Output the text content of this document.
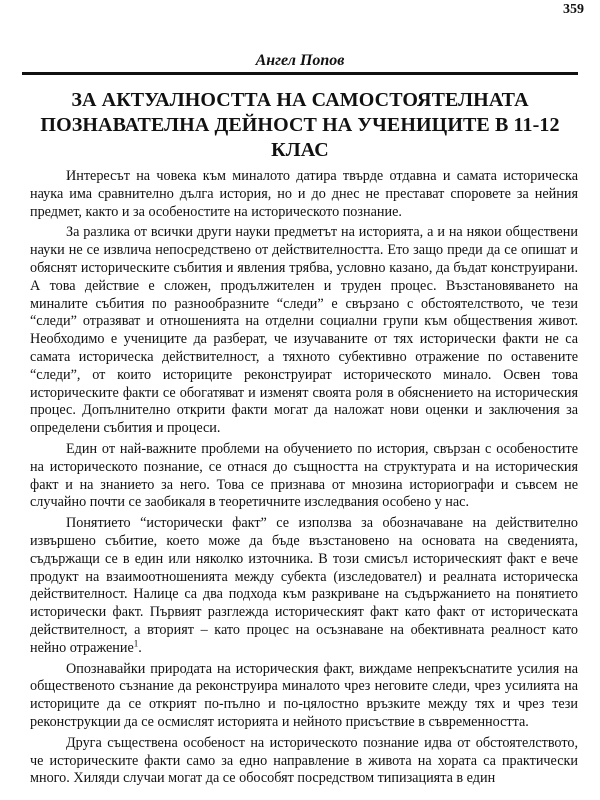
359
Ангел Попов
ЗА АКТУАЛНОСТТА НА САМОСТОЯТЕЛНАТА
ПОЗНАВАТЕЛНА ДЕЙНОСТ НА УЧЕНИЦИТЕ В 11-12 КЛАС

Интересът на човека към миналото датира твърде отдавна и самата историческа наука има сравнително дълга история, но и до днес не престават споровете за нейния предмет, както и за особеностите на историческото познание.

За разлика от всички други науки предметът на историята, а и на някои обществени науки не се извлича непосредствено от действителността. Ето защо преди да се опишат и обяснят историческите събития и явления трябва, условно казано, да бъдат конструирани. А това действие е сложен, продължителен и труден процес. Възстановяването на миналите събития по разнообразните “следи” е свързано с обстоятелството, че тези “следи” отразяват и отношенията на отделни социални групи към обществения живот. Необходимо е учениците да разберат, че изучаваните от тях исторически факти не са самата историческа действителност, а тяхното субективно отражение по оставените “следи”, от които историците реконструират историческото минало. Освен това историческите факти се обогатяват и изменят своята роля в обяснението на историческия процес. Допълнително открити факти могат да наложат нови оценки и заключения за определени събития и процеси.

Един от най-важните проблеми на обучението по история, свързан с особеностите на историческото познание, се отнася до същността на структурата и на историческия факт и на знанието за него. Това се признава от мнозина историографи и съвсем не случайно почти се заобикаля в теоретичните изследвания особено у нас.

Понятието “исторически факт” се използва за обозначаване на действително извършено събитие, което може да бъде възстановено на основата на сведенията, съдържащи се в един или няколко източника. В този смисъл историческият факт е вече продукт на взаимоотношенията между субекта (изследовател) и реалната историческа действителност. Налице са два подхода към разкриване на съдържанието на понятието исторически факт. Първият разглежда историческият факт като факт от историческата действителност, а вторият – като процес на осъзнаване на обективната реалност като нейно отражение$^1$.

Опознавайки природата на историческия факт, виждаме непрекъснатите усилия на общественото съзнание да реконструира миналото чрез неговите следи, чрез усилията на историците да се открият по-пълно и по-цялостно връзките между тях и чрез тези реконструкции да се осмислят историята и нейното присъствие в съвременността.

Друга съществена особеност на историческото познание идва от обстоятелството, че историческите факти само за едно направление в живота на хората са практически много. Хиляди случаи могат да се обособят посредством типизацията в един
